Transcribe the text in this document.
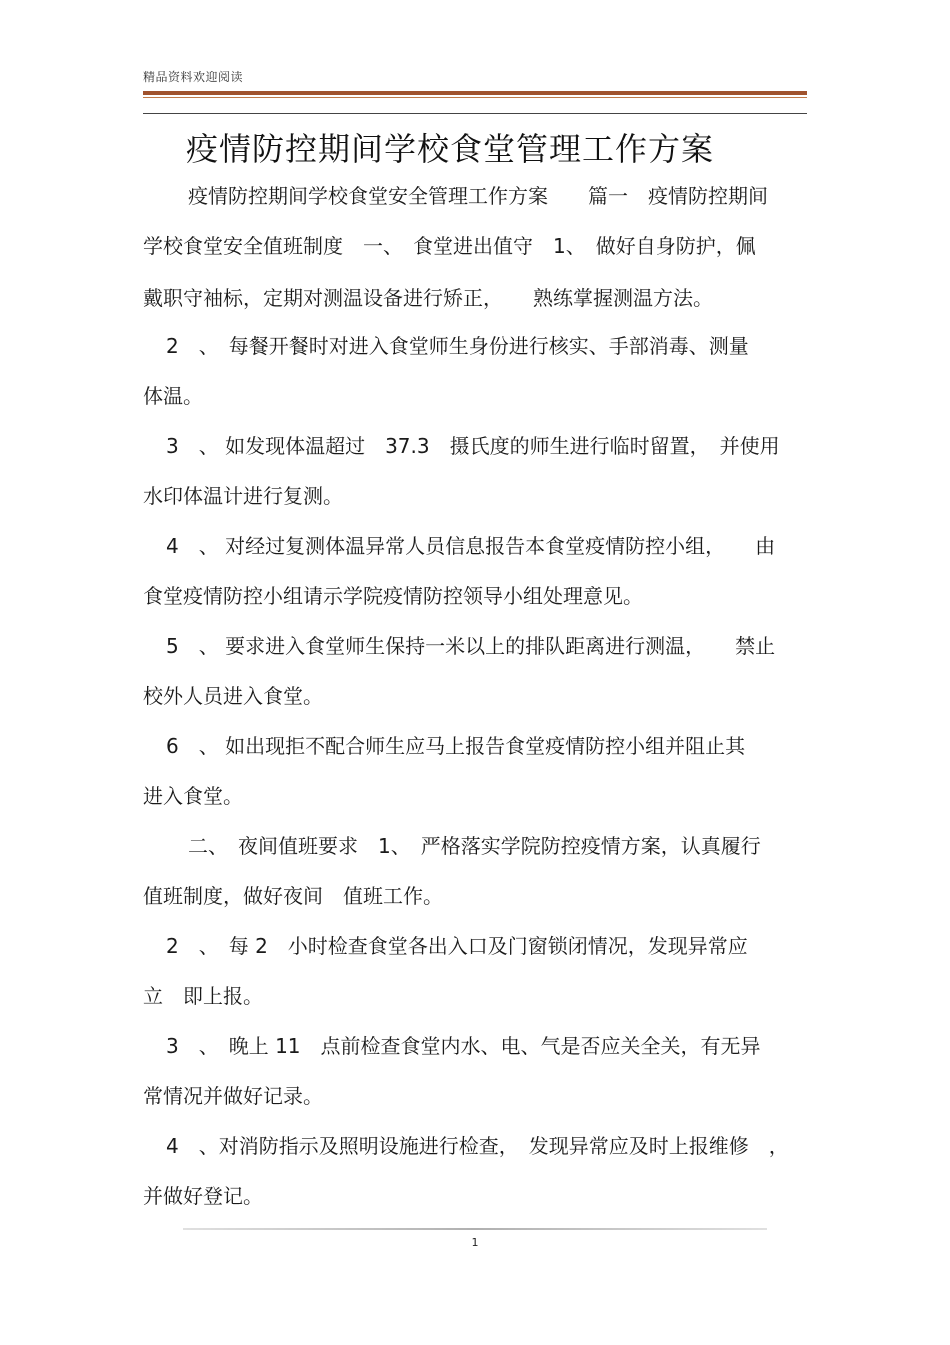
精品资料欢迎阅读
疫情防控期间学校食堂管理工作方案
疫情防控期间学校食堂安全管理工作方案　　篇一　疫情防控期间
学校食堂安全值班制度　一、　食堂进出值守　1、　做好自身防护，佩
戴职守袖标，定期对测温设备进行矫正，　　熟练掌握测温方法。
2　、　每餐开餐时对进入食堂师生身份进行核实、手部消毒、测量
体温。
3　、 如发现体温超过　37.3　摄氏度的师生进行临时留置，　并使用
水印体温计进行复测。
4　、 对经过复测体温异常人员信息报告本食堂疫情防控小组，　　由
食堂疫情防控小组请示学院疫情防控领导小组处理意见。
5　、 要求进入食堂师生保持一米以上的排队距离进行测温，　　禁止
校外人员进入食堂。
6　、 如出现拒不配合师生应马上报告食堂疫情防控小组并阻止其
进入食堂。
二、　夜间值班要求　1、　严格落实学院防控疫情方案，认真履行
值班制度，做好夜间　值班工作。
2　、　每 2　小时检查食堂各出入口及门窗锁闭情况，发现异常应
立　即上报。
3　、　晚上 11　点前检查食堂内水、电、气是否应关全关，有无异
常情况并做好记录。
4　、对消防指示及照明设施进行检查，　发现异常应及时上报维修　，
并做好登记。
1
